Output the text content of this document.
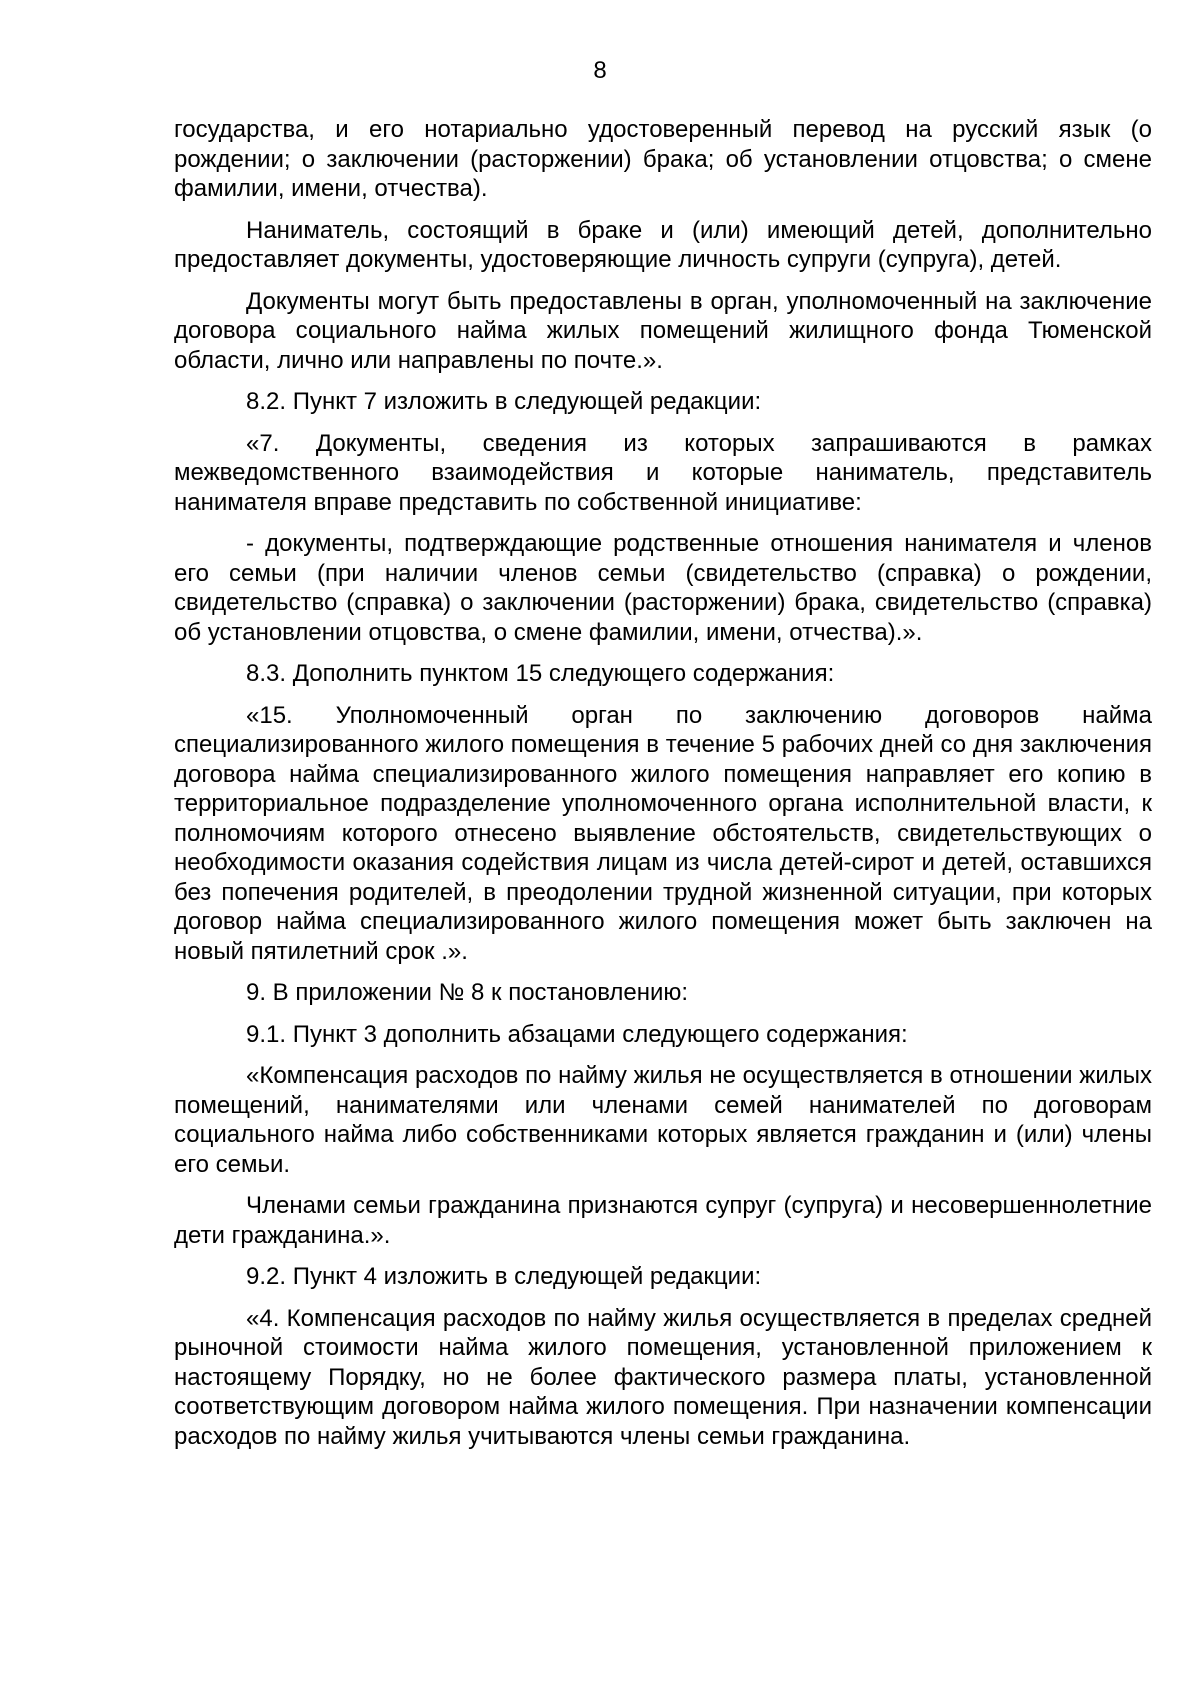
8

государства, и его нотариально удостоверенный перевод на русский язык (о рождении; о заключении (расторжении) брака; об установлении отцовства; о смене фамилии, имени, отчества).

Наниматель, состоящий в браке и (или) имеющий детей, дополнительно предоставляет документы, удостоверяющие личность супруги (супруга), детей.

Документы могут быть предоставлены в орган, уполномоченный на заключение договора социального найма жилых помещений жилищного фонда Тюменской области, лично или направлены по почте.».

8.2. Пункт 7 изложить в следующей редакции:

«7. Документы, сведения из которых запрашиваются в рамках межведомственного взаимодействия и которые наниматель, представитель нанимателя вправе представить по собственной инициативе:

- документы, подтверждающие родственные отношения нанимателя и членов его семьи (при наличии членов семьи (свидетельство (справка) о рождении, свидетельство (справка) о заключении (расторжении) брака, свидетельство (справка) об установлении отцовства, о смене фамилии, имени, отчества).».

8.3. Дополнить пунктом 15 следующего содержания:

«15. Уполномоченный орган по заключению договоров найма специализированного жилого помещения в течение 5 рабочих дней со дня заключения договора найма специализированного жилого помещения направляет его копию в территориальное подразделение уполномоченного органа исполнительной власти, к полномочиям которого отнесено выявление обстоятельств, свидетельствующих о необходимости оказания содействия лицам из числа детей-сирот и детей, оставшихся без попечения родителей, в преодолении трудной жизненной ситуации, при которых договор найма специализированного жилого помещения может быть заключен на новый пятилетний срок .».

9. В приложении № 8 к постановлению:

9.1. Пункт 3 дополнить абзацами следующего содержания:

«Компенсация расходов по найму жилья не осуществляется в отношении жилых помещений, нанимателями или членами семей нанимателей по договорам социального найма либо собственниками которых является гражданин и (или) члены его семьи.

Членами семьи гражданина признаются супруг (супруга) и несовершеннолетние дети гражданина.».

9.2. Пункт 4 изложить в следующей редакции:

«4. Компенсация расходов по найму жилья осуществляется в пределах средней рыночной стоимости найма жилого помещения, установленной приложением к настоящему Порядку, но не более фактического размера платы, установленной соответствующим договором найма жилого помещения. При назначении компенсации расходов по найму жилья учитываются члены семьи гражданина.
